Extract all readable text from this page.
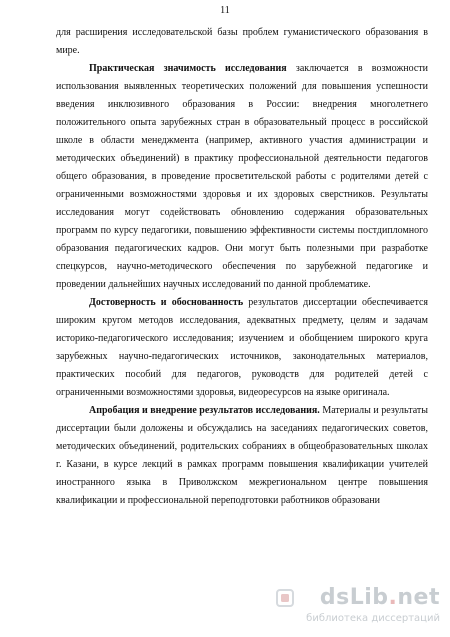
11

для расширения исследовательской базы проблем гуманистического образования в мире.

Практическая значимость исследования заключается в возможности использования выявленных теоретических положений для повышения успешности введения инклюзивного образования в России: внедрения многолетнего положительного опыта зарубежных стран в образовательный процесс в российской школе в области менеджмента (например, активного участия администрации и методических объединений) в практику профессиональной деятельности педагогов общего образования, в проведение просветительской работы с родителями детей с ограниченными возможностями здоровья и их здоровых сверстников. Результаты исследования могут содействовать обновлению содержания образовательных программ по курсу педагогики, повышению эффективности системы постдипломного образования педагогических кадров. Они могут быть полезными при разработке спецкурсов, научно-методического обеспечения по зарубежной педагогике и проведении дальнейших научных исследований по данной проблематике.

Достоверность и обоснованность результатов диссертации обеспечивается широким кругом методов исследования, адекватных предмету, целям и задачам историко-педагогического исследования; изучением и обобщением широкого круга зарубежных научно-педагогических источников, законодательных материалов, практических пособий для педагогов, руководств для родителей детей с ограниченными возможностями здоровья, видеоресурсов на языке оригинала.

Апробация и внедрение результатов исследования. Материалы и результаты диссертации были доложены и обсуждались на заседаниях педагогических советов, методических объединений, родительских собраниях в общеобразовательных школах г. Казани, в курсе лекций в рамках программ повышения квалификации учителей иностранного языка в Приволжском межрегиональном центре повышения квалификации и профессиональной переподготовки работников образовани

dsLib.net
библиотека диссертаций
